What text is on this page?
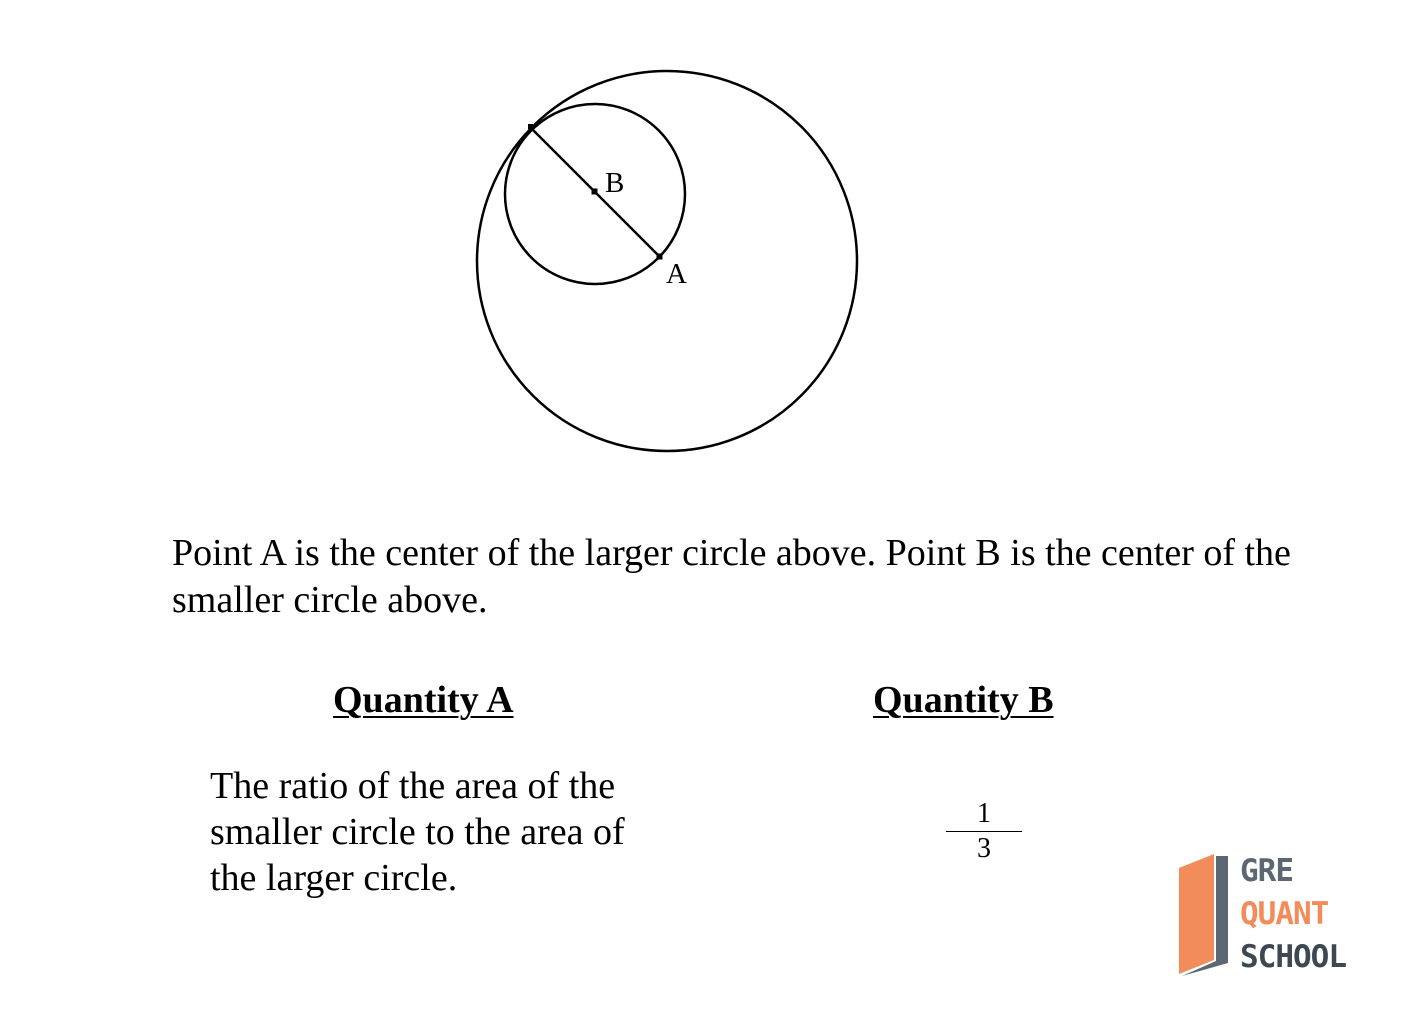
B
A
Point A is the center of the larger circle above. Point B is the center of the smaller circle above.
Quantity A	Quantity B
The ratio of the area of the smaller circle to the area of the larger circle.
$\frac{1}{3}$
GRE
QUANT
SCHOOL
